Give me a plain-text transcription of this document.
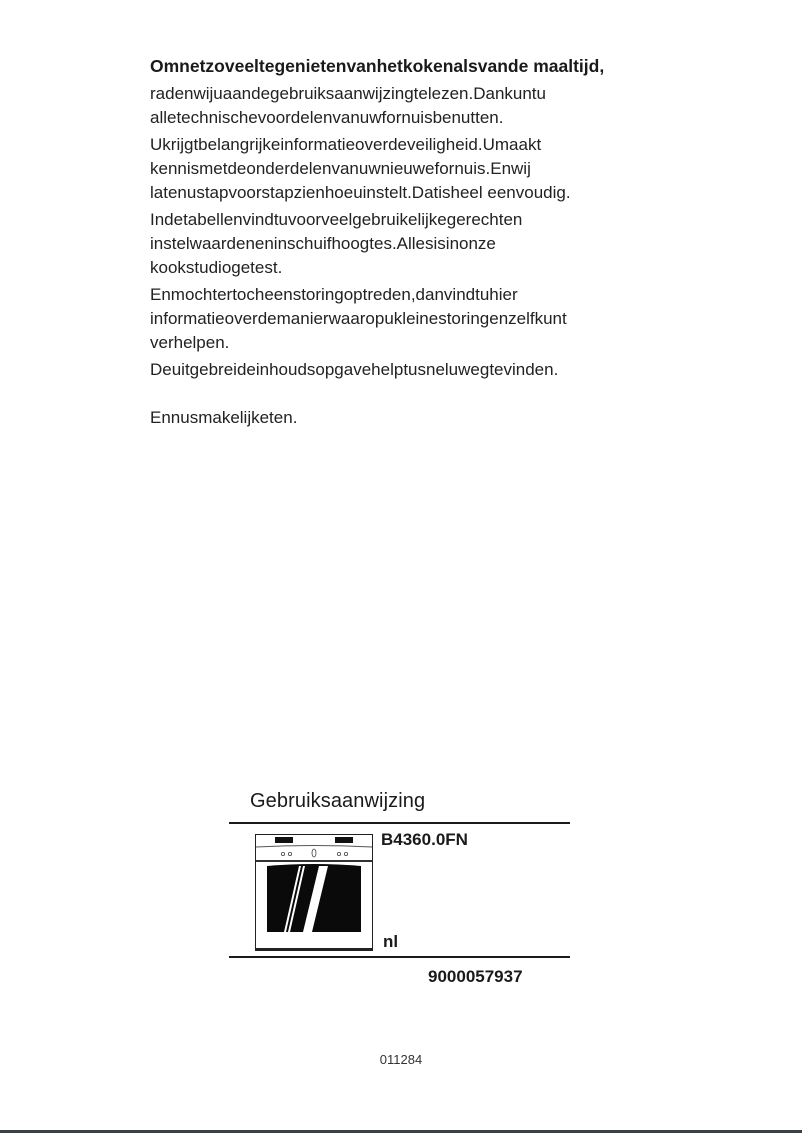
Omnetzoveeltegenietenvanhetkokenalsvande maaltijd,

radenwijuaandegebruiksaanwijzingtelezen.Dankuntu alletechnischevoordelenvanuwfornuisbenutten.

Ukrijgtbelangrijkeinformatieoverdeveiligheid.Umaakt kennismetdeonderdelenvanuwnieuwefornuis.Enwij latenustapvoorstapzienhoeuinstelt.Datisheel eenvoudig.

Indetabellenvindtuvoorveelgebruikelijkegerechten instelwaardeneninschuifhoogtes.Allesisinonze kookstudiogetest.

Enmochtertocheenstoringoptreden,danvindtuhier informatieoverdemanierwaaropukleinestoringenzelfkunt verhelpen.

Deuitgebreideinhoudsopgavehelptusneluwegtevinden.

Ennusmakelijketen.

Gebruiksaanwijzing
B4360.0FN
nl
9000057937
011284
